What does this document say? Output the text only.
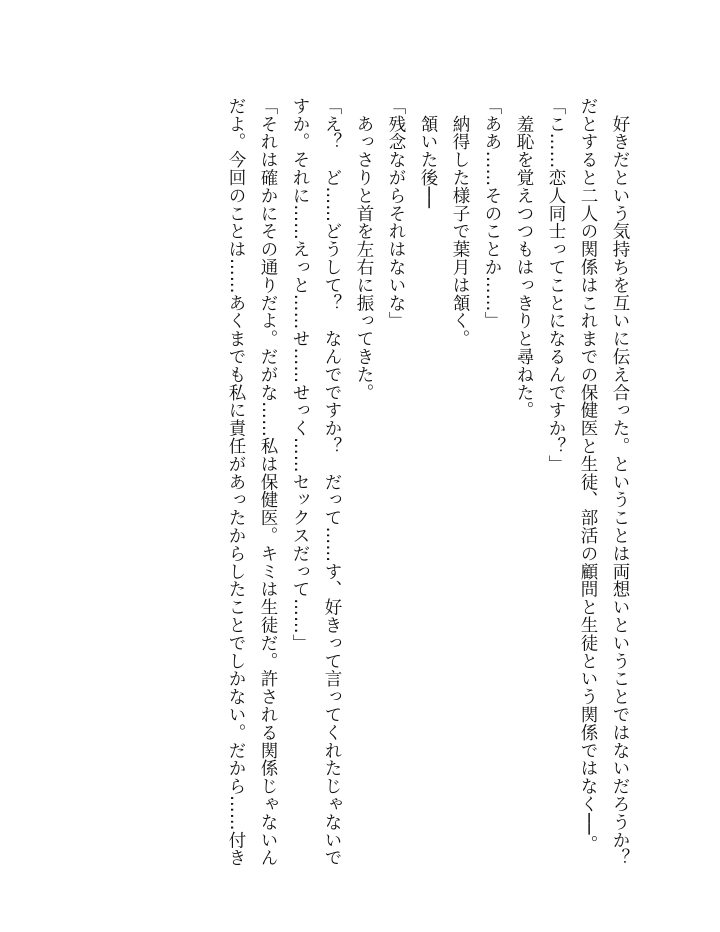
　好きだという気持ちを互いに伝え合った。ということは両想いということではないだろうか？
だとすると二人の関係はこれまでの保健医と生徒、部活の顧問と生徒という関係ではなく──。
「こ……恋人同士ってことになるんですか？」
　羞恥を覚えつつもはっきりと尋ねた。
「ああ……そのことか……」
　納得した様子で葉月は頷く。
　頷いた後──
「残念ながらそれはないな」
　あっさりと首を左右に振ってきた。
「え？　ど……どうして？　なんでですか？　だって……す、好きって言ってくれたじゃないで
すか。それに……えっと……せ……せっく……セックスだって……」
「それは確かにその通りだよ。だがな……私は保健医。キミは生徒だ。許される関係じゃないん
だよ。今回のことは……あくまでも私に責任があったからしたことでしかない。だから……付き
